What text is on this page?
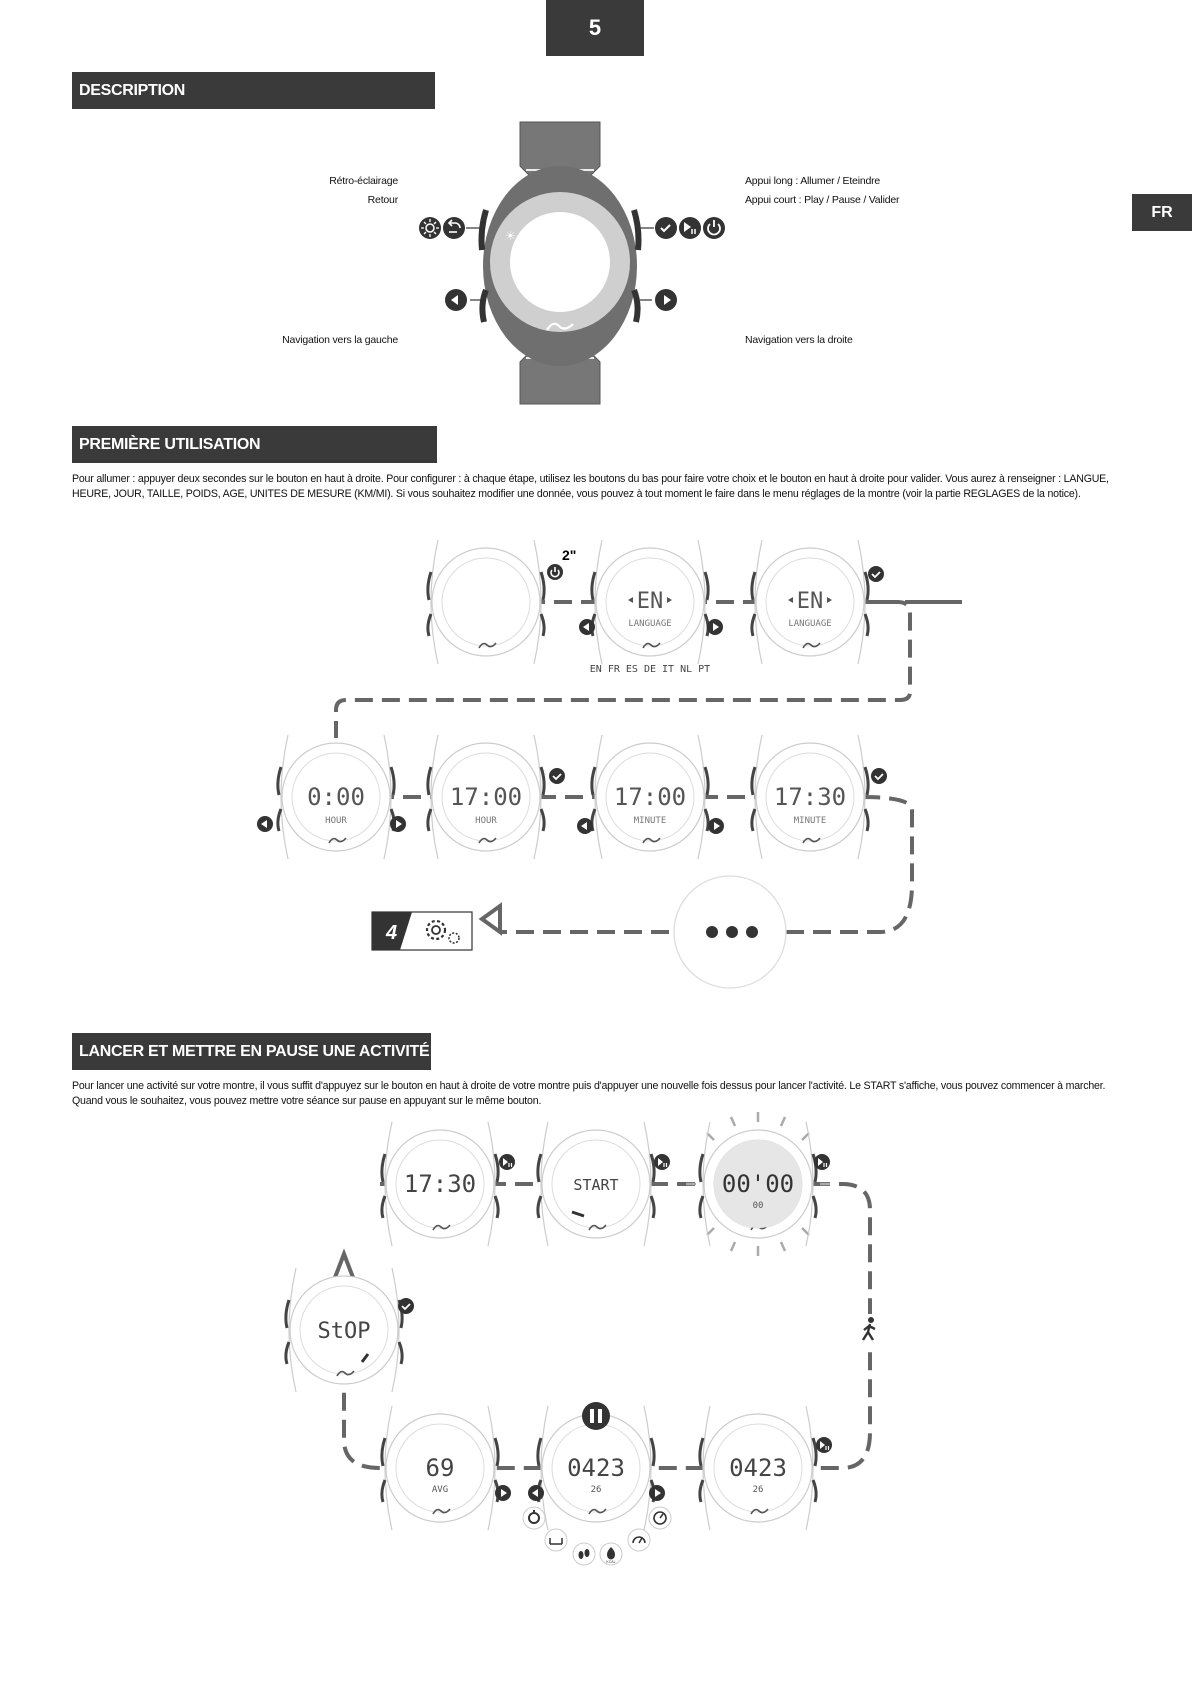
5
FR
DESCRIPTION
Rétro-éclairage
Retour
Navigation vers la gauche
Appui long : Allumer / Eteindre
Appui court : Play / Pause / Valider
Navigation vers la droite
☀
PREMIÈRE UTILISATION
Pour allumer : appuyer deux secondes sur le bouton en haut à droite. Pour configurer : à chaque étape, utilisez les boutons du bas pour faire votre choix et le bouton en haut à droite pour valider. Vous aurez à renseigner : LANGUE, HEURE, JOUR, TAILLE, POIDS, AGE, UNITES DE MESURE (KM/MI). Si vous souhaitez modifier une donnée, vous pouvez à tout moment le faire dans le menu réglages de la montre (voir la partie REGLAGES de la notice).
EN
LANGUAGE
EN
LANGUAGE
2"
EN FR ES DE IT NL PT
0:00
HOUR
17:00
HOUR
17:00
MINUTE
17:30
MINUTE
4
LANCER ET METTRE EN PAUSE UNE ACTIVITÉ
Pour lancer une activité sur votre montre, il vous suffit d'appuyez sur le bouton en haut à droite de votre montre puis d'appuyer une nouvelle fois dessus pour lancer l'activité. Le START s'affiche, vous pouvez commencer à marcher. Quand vous le souhaitez, vous pouvez mettre votre séance sur pause en appuyant sur le même bouton.
17:30	START	00'00
00
StOP
69
AVG
0423
26
0423
26
KCAL
